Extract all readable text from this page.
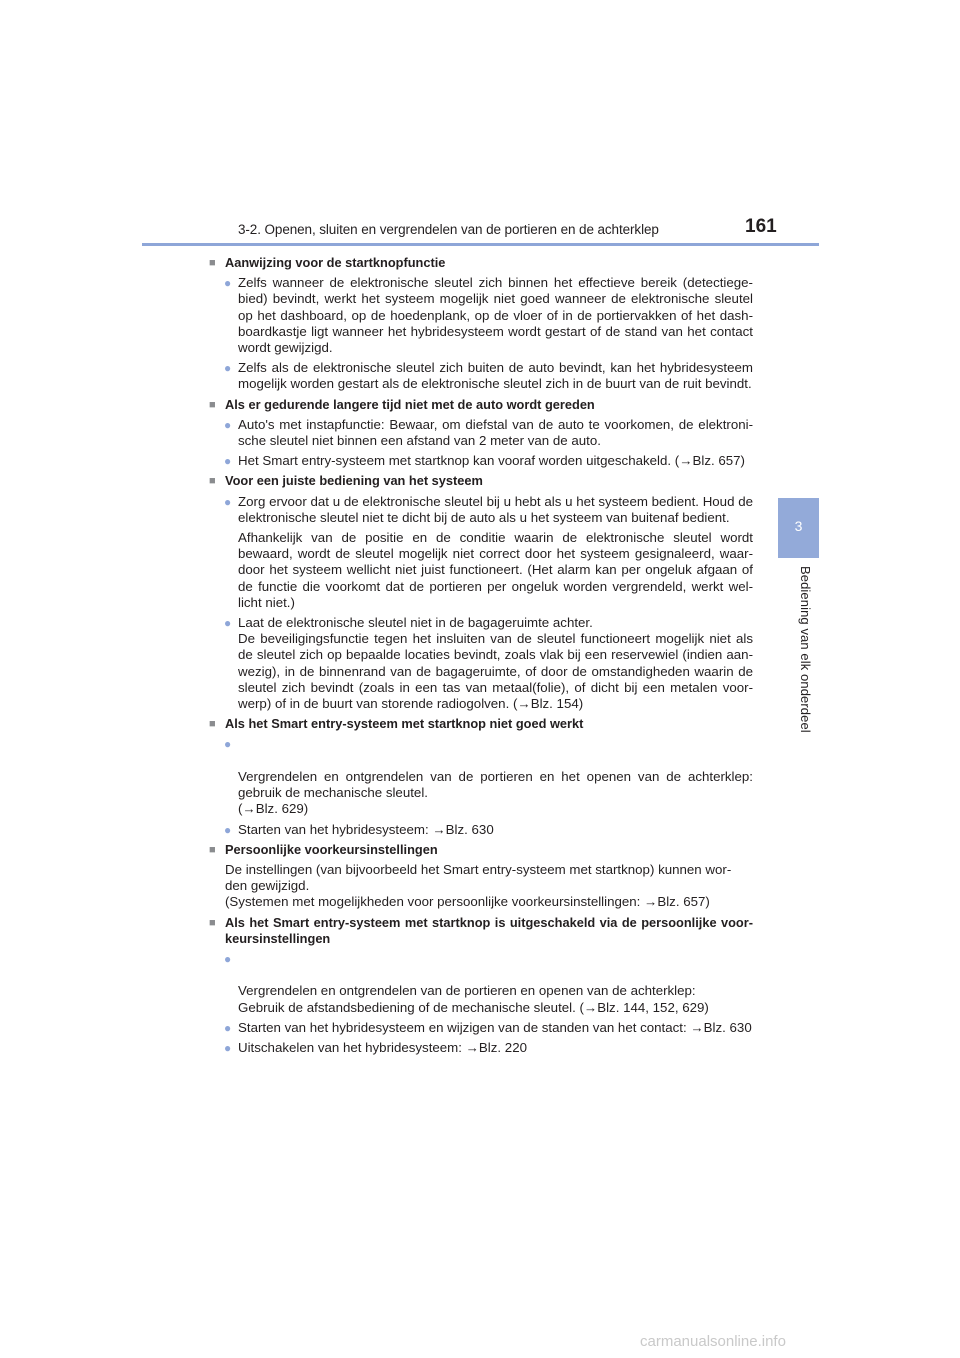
3-2. Openen, sluiten en vergrendelen van de portieren en de achterklep	161
3
Bediening van elk onderdeel
■ Aanwijzing voor de startknopfunctie
● Zelfs wanneer de elektronische sleutel zich binnen het effectieve bereik (detectiege-bied) bevindt, werkt het systeem mogelijk niet goed wanneer de elektronische sleutel op het dashboard, op de hoedenplank, op de vloer of in de portiervakken of het dash-boardkastje ligt wanneer het hybridesysteem wordt gestart of de stand van het contact wordt gewijzigd.
● Zelfs als de elektronische sleutel zich buiten de auto bevindt, kan het hybridesysteem mogelijk worden gestart als de elektronische sleutel zich in de buurt van de ruit bevindt.
■ Als er gedurende langere tijd niet met de auto wordt gereden
● Auto's met instapfunctie: Bewaar, om diefstal van de auto te voorkomen, de elektroni-sche sleutel niet binnen een afstand van 2 meter van de auto.
● Het Smart entry-systeem met startknop kan vooraf worden uitgeschakeld. (→Blz. 657)
■ Voor een juiste bediening van het systeem
● Zorg ervoor dat u de elektronische sleutel bij u hebt als u het systeem bedient. Houd de elektronische sleutel niet te dicht bij de auto als u het systeem van buitenaf bedient.
Afhankelijk van de positie en de conditie waarin de elektronische sleutel wordt bewaard, wordt de sleutel mogelijk niet correct door het systeem gesignaleerd, waar-door het systeem wellicht niet juist functioneert. (Het alarm kan per ongeluk afgaan of de functie die voorkomt dat de portieren per ongeluk worden vergrendeld, werkt wel-licht niet.)
● Laat de elektronische sleutel niet in de bagageruimte achter.
De beveiligingsfunctie tegen het insluiten van de sleutel functioneert mogelijk niet als de sleutel zich op bepaalde locaties bevindt, zoals vlak bij een reservewiel (indien aan-wezig), in de binnenrand van de bagageruimte, of door de omstandigheden waarin de sleutel zich bevindt (zoals in een tas van metaal(folie), of dicht bij een metalen voor-werp) of in de buurt van storende radiogolven. (→Blz. 154)
■ Als het Smart entry-systeem met startknop niet goed werkt

●

Vergrendelen en ontgrendelen van de portieren en het openen van de achterklep: gebruik de mechanische sleutel.
(→Blz. 629)

● Starten van het hybridesysteem: →Blz. 630
■ Persoonlijke voorkeursinstellingen
De instellingen (van bijvoorbeeld het Smart entry-systeem met startknop) kunnen wor-den gewijzigd.
(Systemen met mogelijkheden voor persoonlijke voorkeursinstellingen: →Blz. 657)
■ Als het Smart entry-systeem met startknop is uitgeschakeld via de persoonlijke voor-keursinstellingen

●

Vergrendelen en ontgrendelen van de portieren en openen van de achterklep:
Gebruik de afstandsbediening of de mechanische sleutel. (→Blz. 144, 152, 629)

● Starten van het hybridesysteem en wijzigen van de standen van het contact: →Blz. 630
● Uitschakelen van het hybridesysteem: →Blz. 220
carmanualsonline.info
